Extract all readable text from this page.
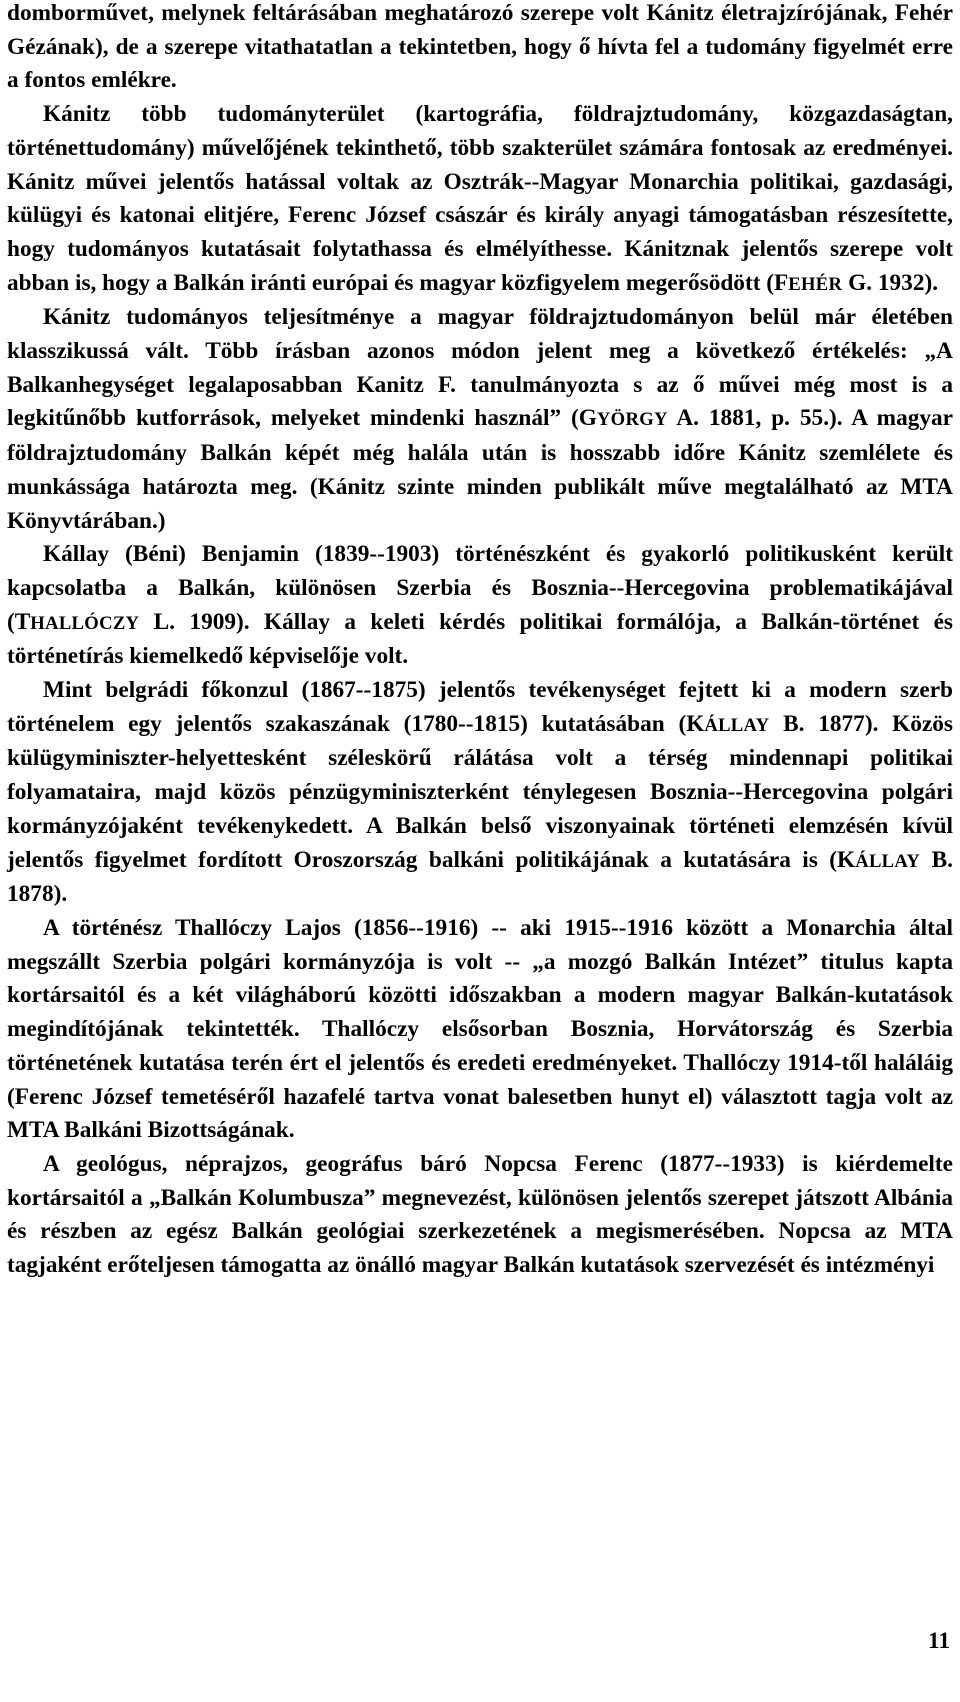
domborművet, melynek feltárásában meghatározó szerepe volt Kánitz életrajzírójának, Fehér Gézának), de a szerepe vitathatatlan a tekintetben, hogy ő hívta fel a tudomány figyelmét erre a fontos emlékre.

Kánitz több tudományterület (kartográfia, földrajztudomány, közgazdaságtan, történettudomány) művelőjének tekinthető, több szakterület számára fontosak az eredményei. Kánitz művei jelentős hatással voltak az Osztrák--Magyar Monarchia politikai, gazdasági, külügyi és katonai elitjére, Ferenc József császár és király anyagi támogatásban részesítette, hogy tudományos kutatásait folytathassa és elmélyíthesse. Kánitznak jelentős szerepe volt abban is, hogy a Balkán iránti európai és magyar közfigyelem megerősödött (FEHÉR G. 1932).

Kánitz tudományos teljesítménye a magyar földrajztudományon belül már életében klasszikussá vált. Több írásban azonos módon jelent meg a következő értékelés: „A Balkanhegységet legalaposabban Kanitz F. tanulmányozta s az ő művei még most is a legkitűnőbb kutforrások, melyeket mindenki használ” (GYÖRGY A. 1881, p. 55.). A magyar földrajztudomány Balkán képét még halála után is hosszabb időre Kánitz szemlélete és munkássága határozta meg. (Kánitz szinte minden publikált műve megtalálható az MTA Könyvtárában.)

Kállay (Béni) Benjamin (1839--1903) történészként és gyakorló politikusként került kapcsolatba a Balkán, különösen Szerbia és Bosznia--Hercegovina problematikájával (THALLÓCZY L. 1909). Kállay a keleti kérdés politikai formálója, a Balkán-történet és történetírás kiemelkedő képviselője volt.

Mint belgrádi főkonzul (1867--1875) jelentős tevékenységet fejtett ki a modern szerb történelem egy jelentős szakaszának (1780--1815) kutatásában (KÁLLAY B. 1877). Közös külügyminiszter-helyettesként széleskörű rálátása volt a térség mindennapi politikai folyamataira, majd közös pénzügyminiszterként ténylegesen Bosznia--Hercegovina polgári kormányzójaként tevékenykedett. A Balkán belső viszonyainak történeti elemzésén kívül jelentős figyelmet fordított Oroszország balkáni politikájának a kutatására is (KÁLLAY B. 1878).

A történész Thallóczy Lajos (1856--1916) -- aki 1915--1916 között a Monarchia által megszállt Szerbia polgári kormányzója is volt -- „a mozgó Balkán Intézet” titulus kapta kortársaitól és a két világháború közötti időszakban a modern magyar Balkán-kutatások megindítójának tekintették. Thallóczy elsősorban Bosznia, Horvátország és Szerbia történetének kutatása terén ért el jelentős és eredeti eredményeket. Thallóczy 1914-től haláláig (Ferenc József temetéséről hazafelé tartva vonat balesetben hunyt el) választott tagja volt az MTA Balkáni Bizottságának.

A geológus, néprajzos, geográfus báró Nopcsa Ferenc (1877--1933) is kiérdemelte kortársaitól a „Balkán Kolumbusza” megnevezést, különösen jelentős szerepet játszott Albánia és részben az egész Balkán geológiai szerkezetének a megismerésében. Nopcsa az MTA tagjaként erőteljesen támogatta az önálló magyar Balkán kutatások szervezését és intézményi

11
